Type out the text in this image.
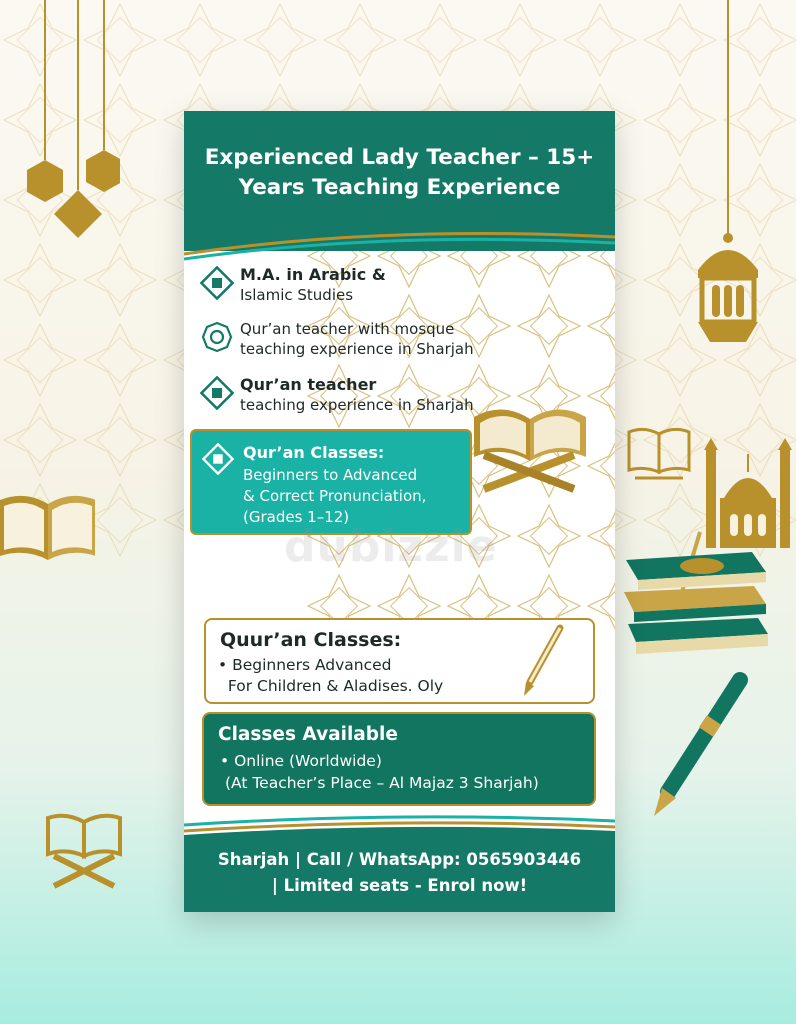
Experienced Lady Teacher – 15+
Years Teaching Experience
M.A. in Arabic &
Islamic Studies
Qur’an teacher with mosque
teaching experience in Sharjah
Qur’an teacher
teaching experience in Sharjah
Qur’an Classes:
Beginners to Advanced
& Correct Pronunciation,
(Grades 1–12)
dubizzle
Quur’an Classes:
• Beginners Advanced
For Children & Aladises. Oly
Classes Available
• Online (Worldwide)
(At Teacher’s Place – Al Majaz 3 Sharjah)
Sharjah | Call / WhatsApp: 0565903446
| Limited seats - Enrol now!
